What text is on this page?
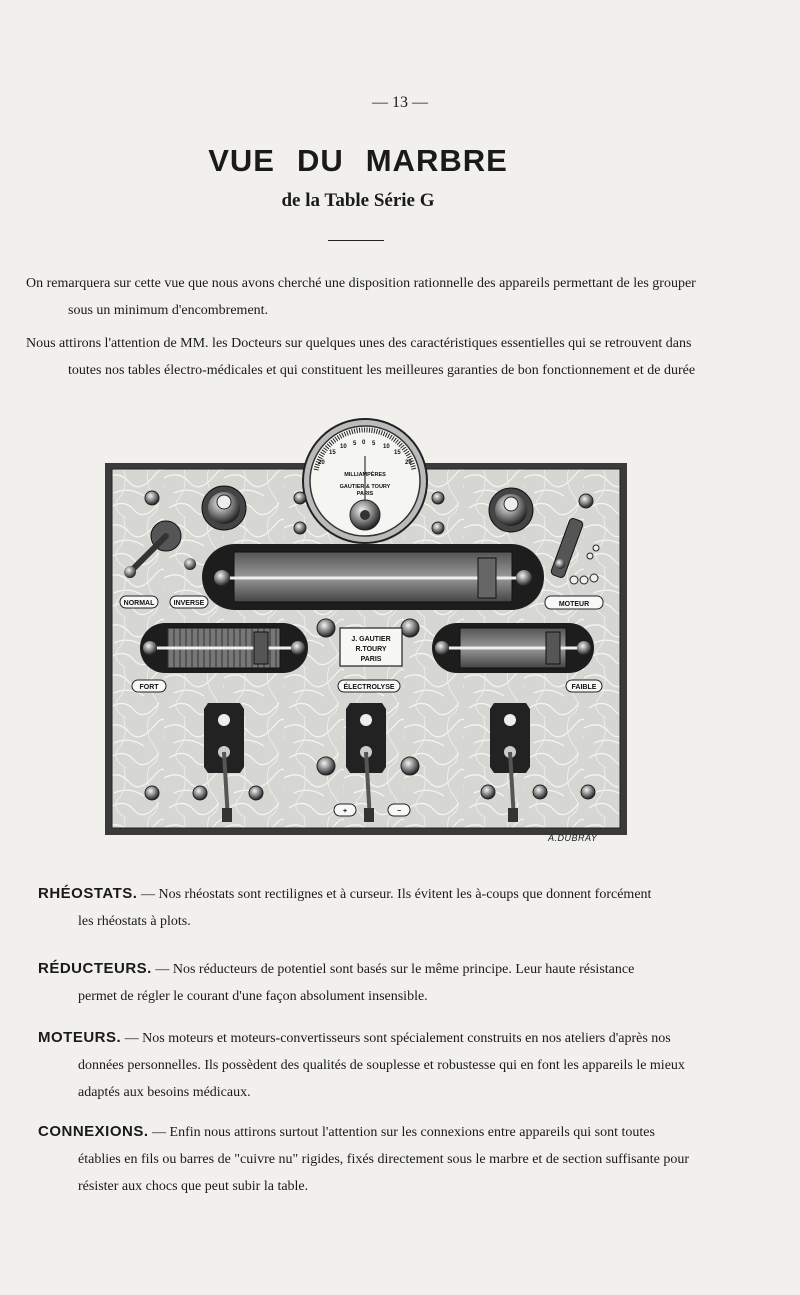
— 13 —
VUE DU MARBRE
de la Table Série G

On remarquera sur cette vue que nous avons cherché une disposition rationnelle des appareils permettant de les grouper sous un minimum d'encombrement.

Nous attirons l'attention de MM. les Docteurs sur quelques unes des caractéristiques essentielles qui se retrouvent dans toutes nos tables électro-médicales et qui constituent les meilleures garanties de bon fonctionnement et de durée

20
15
10 5 0 5 10
15
20
MILLIAMPÈRES
GAUTIER & TOURY
PARIS
NORMAL	INVERSE	MOTEUR
J. GAUTIER
R.TOURY
PARIS
FORT	ÉLECTROLYSE	FAIBLE
+	−
A.DUBRAY

RHÉOSTATS. — Nos rhéostats sont rectilignes et à curseur. Ils évitent les à-coups que donnent forcément

les rhéostats à plots.

RÉDUCTEURS. — Nos réducteurs de potentiel sont basés sur le même principe. Leur haute résistance

permet de régler le courant d'une façon absolument insensible.

MOTEURS. — Nos moteurs et moteurs-convertisseurs sont spécialement construits en nos ateliers d'après nos

données personnelles. Ils possèdent des qualités de souplesse et robustesse qui en font les appareils le mieux adaptés aux besoins médicaux.

CONNEXIONS. — Enfin nous attirons surtout l'attention sur les connexions entre appareils qui sont toutes

établies en fils ou barres de "cuivre nu" rigides, fixés directement sous le marbre et de section suffisante pour résister aux chocs que peut subir la table.
